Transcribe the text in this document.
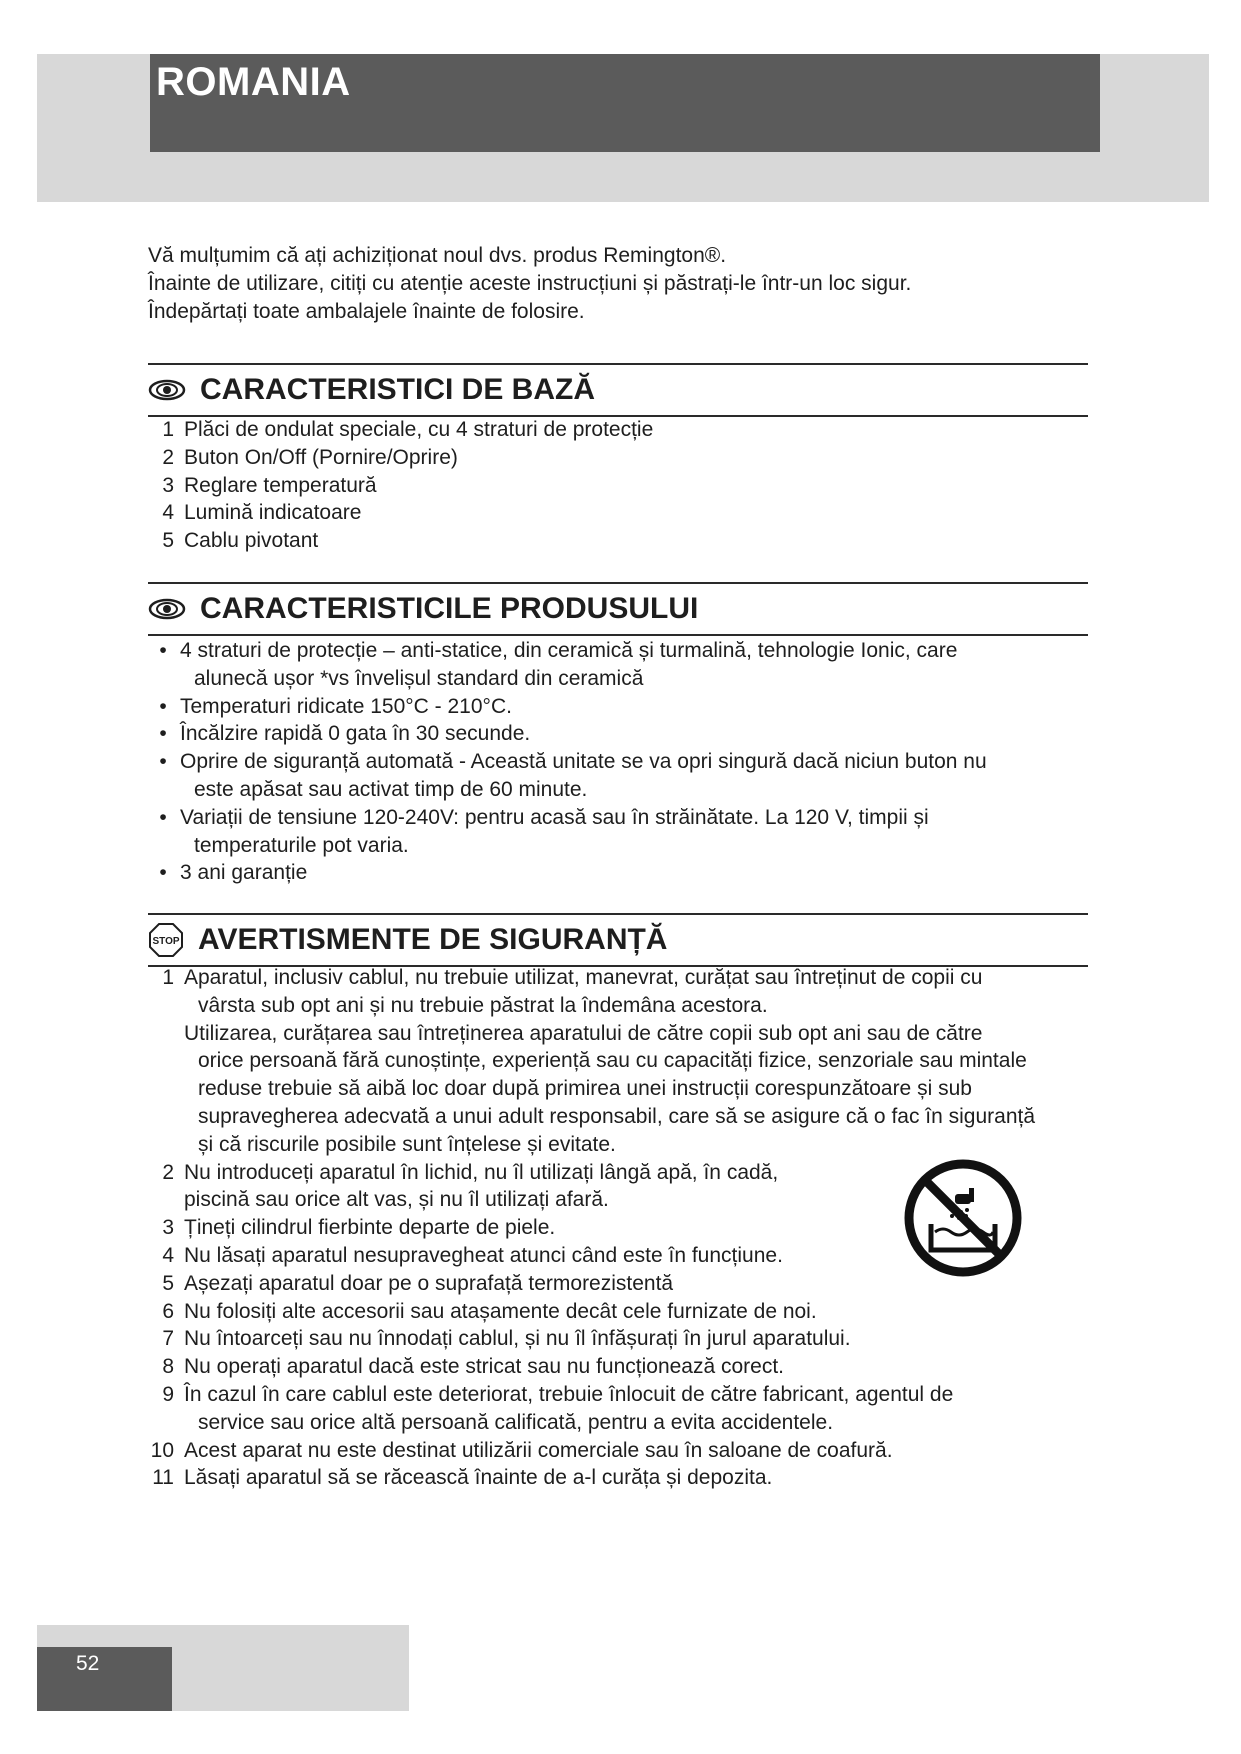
ROMANIA

Vă mulțumim că ați achiziționat noul dvs. produs Remington®.

Înainte de utilizare, citiți cu atenție aceste instrucțiuni și păstrați-le într-un loc sigur.

Îndepărtați toate ambalajele înainte de folosire.

CARACTERISTICI DE BAZĂ
1 Plăci de ondulat speciale, cu 4 straturi de protecție
2 Buton On/Off (Pornire/Oprire)
3 Reglare temperatură
4 Lumină indicatoare
5 Cablu pivotant
CARACTERISTICILE PRODUSULUI
• 4 straturi de protecție – anti-statice, din ceramică și turmalină, tehnologie Ionic, care
alunecă ușor *vs învelișul standard din ceramică
• Temperaturi ridicate 150°C - 210°C.
• Încălzire rapidă 0 gata în 30 secunde.
• Oprire de siguranță automată - Această unitate se va opri singură dacă niciun buton nu
este apăsat sau activat timp de 60 minute.
• Variații de tensiune 120-240V: pentru acasă sau în străinătate. La 120 V, timpii și
temperaturile pot varia.
• 3 ani garanție
STOP AVERTISMENTE DE SIGURANȚĂ
1 Aparatul, inclusiv cablul, nu trebuie utilizat, manevrat, curățat sau întreținut de copii cu
vârsta sub opt ani și nu trebuie păstrat la îndemâna acestora.
Utilizarea, curățarea sau întreținerea aparatului de către copii sub opt ani sau de către
orice persoană fără cunoștințe, experiență sau cu capacități fizice, senzoriale sau mintale
reduse trebuie să aibă loc doar după primirea unei instrucții corespunzătoare și sub
supravegherea adecvată a unui adult responsabil, care să se asigure că o fac în siguranță
și că riscurile posibile sunt înțelese și evitate.
2 Nu introduceți aparatul în lichid, nu îl utilizați lângă apă, în cadă,
piscină sau orice alt vas, și nu îl utilizați afară.
3 Țineți cilindrul fierbinte departe de piele.
4 Nu lăsați aparatul nesupravegheat atunci când este în funcțiune.
5 Așezați aparatul doar pe o suprafață termorezistentă
6 Nu folosiți alte accesorii sau atașamente decât cele furnizate de noi.
7 Nu întoarceți sau nu înnodați cablul, și nu îl înfășurați în jurul aparatului.
8 Nu operați aparatul dacă este stricat sau nu funcționează corect.
9 În cazul în care cablul este deteriorat, trebuie înlocuit de către fabricant, agentul de
service sau orice altă persoană calificată, pentru a evita accidentele.
10 Acest aparat nu este destinat utilizării comerciale sau în saloane de coafură.
11 Lăsați aparatul să se răcească înainte de a-l curăța și depozita.
52
